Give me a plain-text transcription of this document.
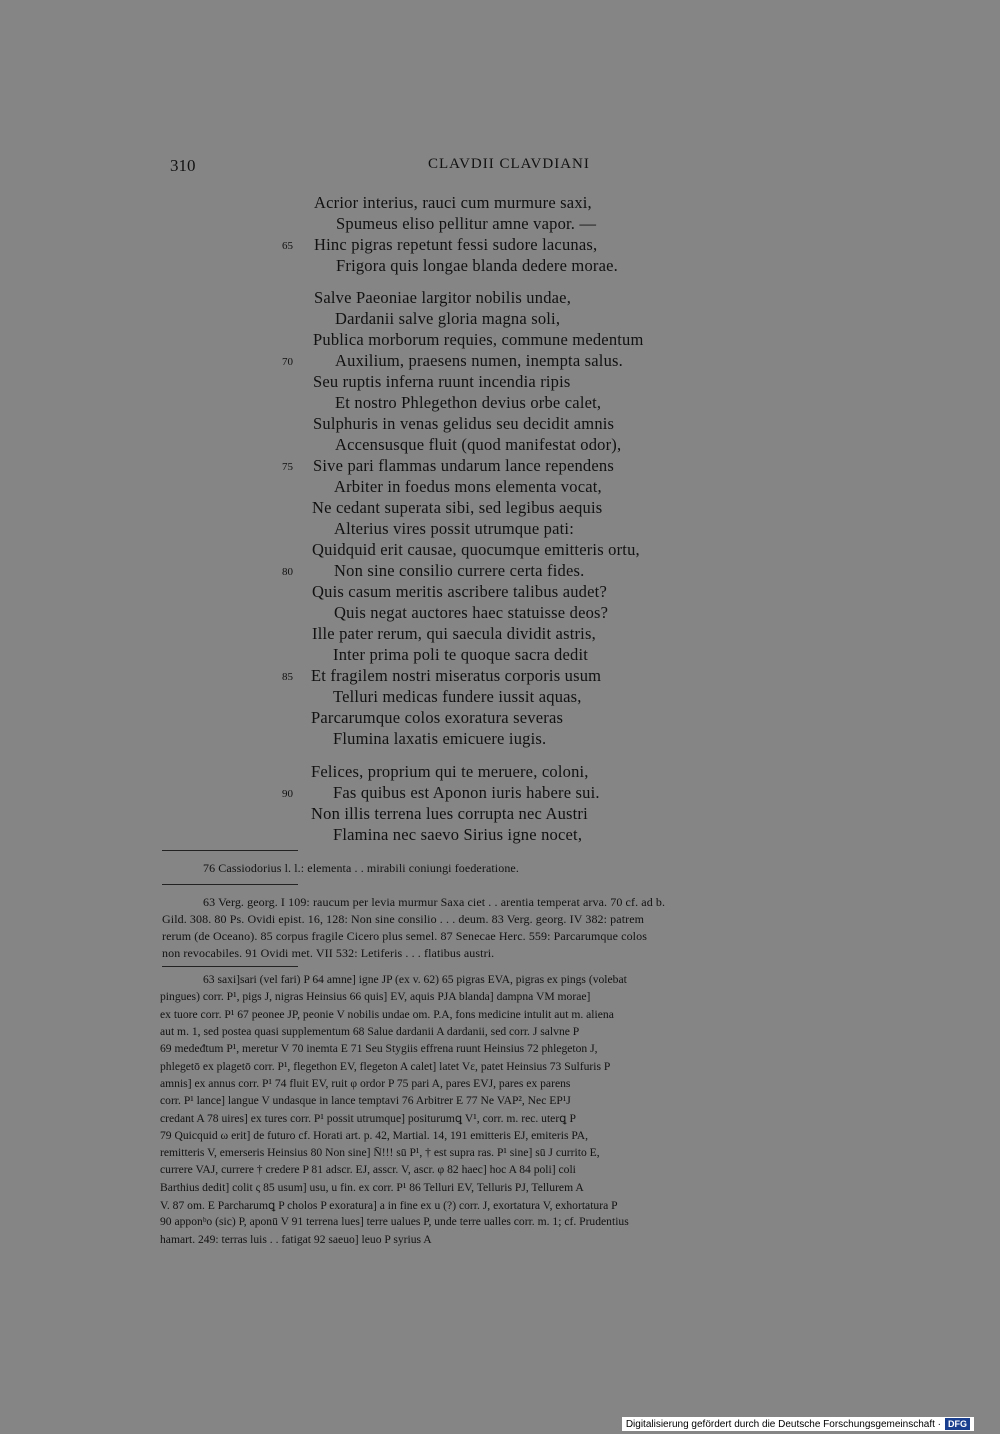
310	CLAVDII CLAVDIANI
Acrior interius, rauci cum murmure saxi,
Spumeus eliso pellitur amne vapor. —
Hinc pigras repetunt fessi sudore lacunas,
65
Frigora quis longae blanda dedere morae.
Salve Paeoniae largitor nobilis undae,
Dardanii salve gloria magna soli,
Publica morborum requies, commune medentum
Auxilium, praesens numen, inempta salus.
70
Seu ruptis inferna ruunt incendia ripis
Et nostro Phlegethon devius orbe calet,
Sulphuris in venas gelidus seu decidit amnis
Accensusque fluit (quod manifestat odor),
Sive pari flammas undarum lance rependens
75
Arbiter in foedus mons elementa vocat,
Ne cedant superata sibi, sed legibus aequis
Alterius vires possit utrumque pati:
Quidquid erit causae, quocumque emitteris ortu,
Non sine consilio currere certa fides.
80
Quis casum meritis ascribere talibus audet?
Quis negat auctores haec statuisse deos?
Ille pater rerum, qui saecula dividit astris,
Inter prima poli te quoque sacra dedit
Et fragilem nostri miseratus corporis usum
85
Telluri medicas fundere iussit aquas,
Parcarumque colos exoratura severas
Flumina laxatis emicuere iugis.
Felices, proprium qui te meruere, coloni,
Fas quibus est Aponon iuris habere sui.
90
Non illis terrena lues corrupta nec Austri
Flamina nec saevo Sirius igne nocet,
76 Cassiodorius l. l.: elementa . . mirabili coniungi foederatione.
63 Verg. georg. I 109: raucum per levia murmur Saxa ciet . . arentia temperat arva. 70 cf. ad b.
Gild. 308. 80 Ps. Ovidi epist. 16, 128: Non sine consilio . . . deum. 83 Verg. georg. IV 382: patrem
rerum (de Oceano). 85 corpus fragile Cicero plus semel. 87 Senecae Herc. 559: Parcarumque colos
non revocabiles. 91 Ovidi met. VII 532: Letiferis . . . flatibus austri.
63 saxi]sari (vel fari) P 64 amne] igne JP (ex v. 62) 65 pigras EVA, pigras ex pings (volebat
pingues) corr. P¹, pigs J, nigras Heinsius 66 quis] EV, aquis PJA blanda] dampna VM morae]
ex tuore corr. P¹ 67 peonee JP, peonie V nobilis undae om. P.A, fons medicine intulit aut m. aliena
aut m. 1, sed postea quasi supplementum 68 Salue dardanii A dardanii, sed corr. J salvne P
69 medeđtum P¹, meretur V 70 inemta E 71 Seu Stygiis effrena ruunt Heinsius 72 phlegeton J,
phlegetō ex plagetō corr. P¹, flegethon EV, flegeton A calet] latet Vε, patet Heinsius 73 Sulfuris P
amnis] ex annus corr. P¹ 74 fluit EV, ruit φ ordor P 75 pari A, pares EVJ, pares ex parens
corr. P¹ lance] langue V undasque in lance temptavi 76 Arbitrer E 77 Ne VAP², Nec EP¹J
credant A 78 uires] ex tures corr. P¹ possit utrumque] positurumꝗ V¹, corr. m. rec. uterꝗ P
79 Quicquid ω erit] de futuro cf. Horati art. p. 42, Martial. 14, 191 emitteris EJ, emiteris PA,
remitteris V, emerseris Heinsius 80 Non sine] N̄!!! sū P¹, † est supra ras. P¹ sine] sū J currito E,
currere VAJ, currere † credere P 81 adscr. EJ, asscr. V, ascr. φ 82 haec] hoc A 84 poli] coli
Barthius dedit] colit ς 85 usum] usu, u fin. ex corr. P¹ 86 Telluri EV, Telluris PJ, Tellurem A
V. 87 om. E Parcharumꝗ P cholos P exoratura] a in fine ex u (?) corr. J, exortatura V, exhortatura P
90 apponᵇo (sic) P, aponū V 91 terrena lues] terre ualues P, unde terre ualles corr. m. 1; cf. Prudentius
hamart. 249: terras luis . . fatigat 92 saeuo] leuo P syrius A
Digitalisierung gefördert durch die Deutsche Forschungsgemeinschaft · DFG
